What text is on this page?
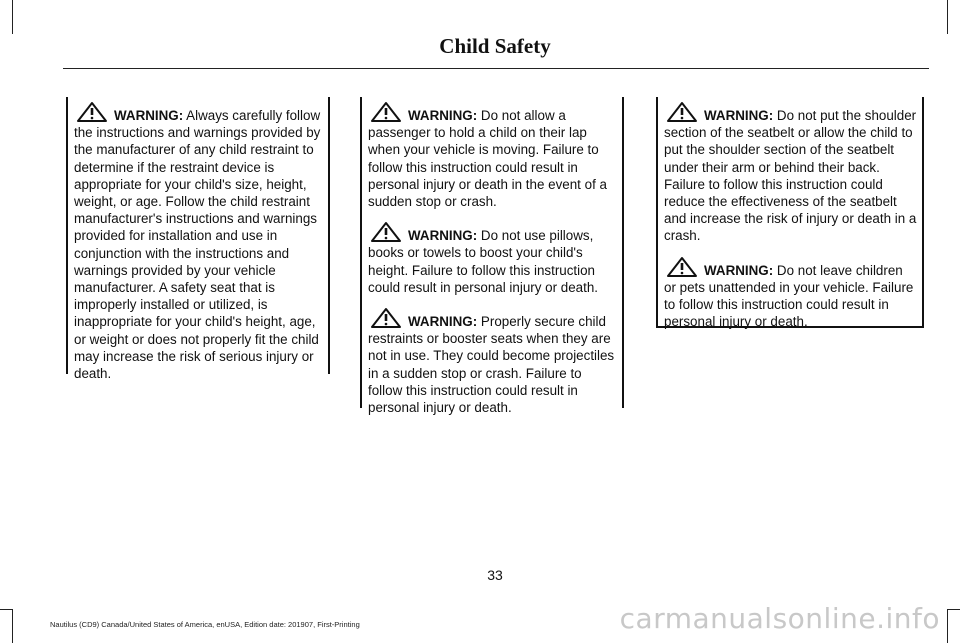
Child Safety

WARNING: Always carefully follow the instructions and warnings provided by the manufacturer of any child restraint to determine if the restraint device is appropriate for your child's size, height, weight, or age. Follow the child restraint manufacturer's instructions and warnings provided for installation and use in conjunction with the instructions and warnings provided by your vehicle manufacturer. A safety seat that is improperly installed or utilized, is inappropriate for your child's height, age, or weight or does not properly fit the child may increase the risk of serious injury or death.

WARNING: Do not allow a passenger to hold a child on their lap when your vehicle is moving. Failure to follow this instruction could result in personal injury or death in the event of a sudden stop or crash.

WARNING: Do not use pillows, books or towels to boost your child's height. Failure to follow this instruction could result in personal injury or death.

WARNING: Properly secure child restraints or booster seats when they are not in use. They could become projectiles in a sudden stop or crash. Failure to follow this instruction could result in personal injury or death.

WARNING: Do not put the shoulder section of the seatbelt or allow the child to put the shoulder section of the seatbelt under their arm or behind their back. Failure to follow this instruction could reduce the effectiveness of the seatbelt and increase the risk of injury or death in a crash.

WARNING: Do not leave children or pets unattended in your vehicle. Failure to follow this instruction could result in personal injury or death.

33
Nautilus (CD9) Canada/United States of America, enUSA, Edition date: 201907, First-Printing	carmanualsonline.info
